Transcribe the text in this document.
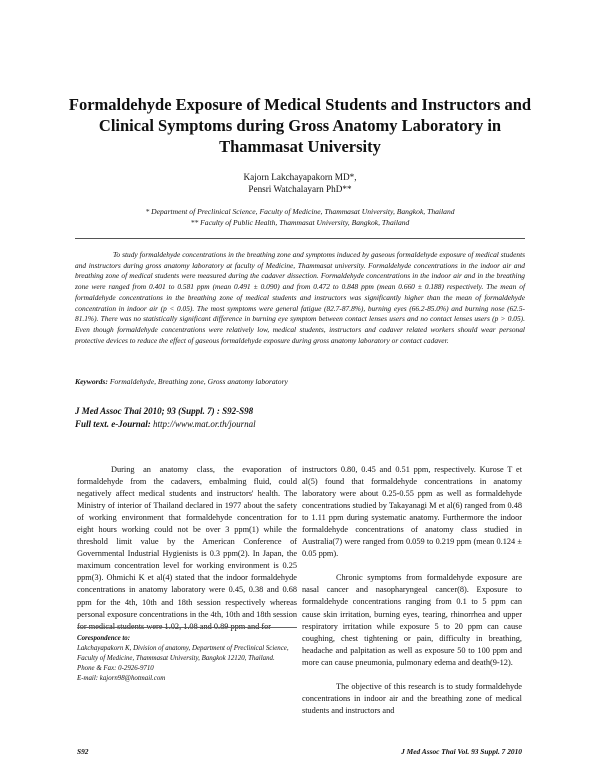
Formaldehyde Exposure of Medical Students and Instructors and Clinical Symptoms during Gross Anatomy Laboratory in Thammasat University
Kajorn Lakchayapakorn MD*,
Pensri Watchalayarn PhD**
* Department of Preclinical Science, Faculty of Medicine, Thammasat University, Bangkok, Thailand
** Faculty of Public Health, Thammasat University, Bangkok, Thailand

To study formaldehyde concentrations in the breathing zone and symptoms induced by gaseous formaldehyde exposure of medical students and instructors during gross anatomy laboratory at faculty of Medicine, Thammasat university. Formaldehyde concentrations in the indoor air and breathing zone of medical students were measured during the cadaver dissection. Formaldehyde concentrations in the indoor air and in the breathing zone were ranged from 0.401 to 0.581 ppm (mean 0.491 ± 0.090) and from 0.472 to 0.848 ppm (mean 0.660 ± 0.188) respectively. The mean of formaldehyde concentrations in the breathing zone of medical students and instructors was significantly higher than the mean of formaldehyde concentration in indoor air (p < 0.05). The most symptoms were general fatigue (82.7-87.8%), burning eyes (66.2-85.0%) and burning nose (62.5-81.1%). There was no statistically significant difference in burning eye symptom between contact lenses users and no contact lenses users (p > 0.05). Even though formaldehyde concentrations were relatively low, medical students, instructors and cadaver related workers should wear personal protective devices to reduce the effect of gaseous formaldehyde exposure during gross anatomy laboratory or contact cadaver.

Keywords: Formaldehyde, Breathing zone, Gross anatomy laboratory
J Med Assoc Thai 2010; 93 (Suppl. 7) : S92-S98
Full text. e-Journal: http://www.mat.or.th/journal

During an anatomy class, the evaporation of formaldehyde from the cadavers, embalming fluid, could negatively affect medical students and instructors' health. The Ministry of interior of Thailand declared in 1977 about the safety of working environment that formaldehyde concentration for eight hours working could not be over 3 ppm(1) while the threshold limit value by the American Conference of Governmental Industrial Hygienists is 0.3 ppm(2). In Japan, the maximum concentration level for working environment is 0.25 ppm(3). Ohmichi K et al(4) stated that the indoor formaldehyde concentrations in anatomy laboratory were 0.45, 0.38 and 0.68 ppm for the 4th, 10th and 18th session respectively whereas personal exposure concentrations in the 4th, 10th and 18th session for medical students were 1.02, 1.08 and 0.89 ppm and for

instructors 0.80, 0.45 and 0.51 ppm, respectively. Kurose T et al(5) found that formaldehyde concentrations in anatomy laboratory were about 0.25-0.55 ppm as well as formaldehyde concentrations studied by Takayanagi M et al(6) ranged from 0.48 to 1.11 ppm during systematic anatomy. Furthermore the indoor formaldehyde concentrations of anatomy class studied in Australia(7) were ranged from 0.059 to 0.219 ppm (mean 0.124 ± 0.05 ppm).

Chronic symptoms from formaldehyde exposure are nasal cancer and nasopharyngeal cancer(8). Exposure to formaldehyde concentrations ranging from 0.1 to 5 ppm can cause skin irritation, burning eyes, tearing, rhinorrhea and upper respiratory irritation while exposure 5 to 20 ppm can cause coughing, chest tightening or pain, difficulty in breathing, headache and palpitation as well as exposure 50 to 100 ppm and more can cause pneumonia, pulmonary edema and death(9-12).

The objective of this research is to study formaldehyde concentrations in indoor air and the breathing zone of medical students and instructors and

Corespondence to:
Lakchayapakorn K, Division of anatomy, Department of Preclinical Science, Faculty of Medicine, Thammasat University, Bangkok 12120, Thailand.
Phone & Fax: 0-2926-9710
E-mail: kajorn98@hotmail.com
S92	J Med Assoc Thai Vol. 93 Suppl. 7 2010
